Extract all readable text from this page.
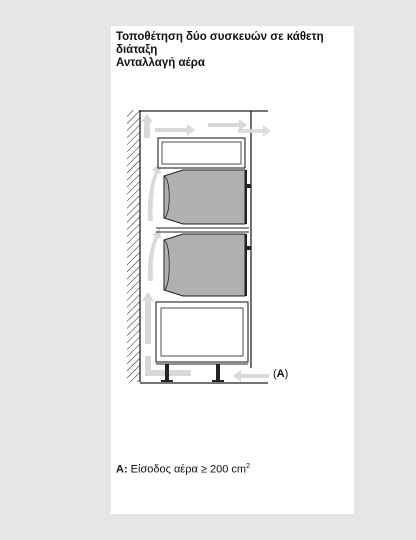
Τοποθέτηση δύο συσκευών σε κάθετη
διάταξη
Ανταλλαγή αέρα
(A)
A: Είσοδος αέρα ≥ 200 $cm^2$
